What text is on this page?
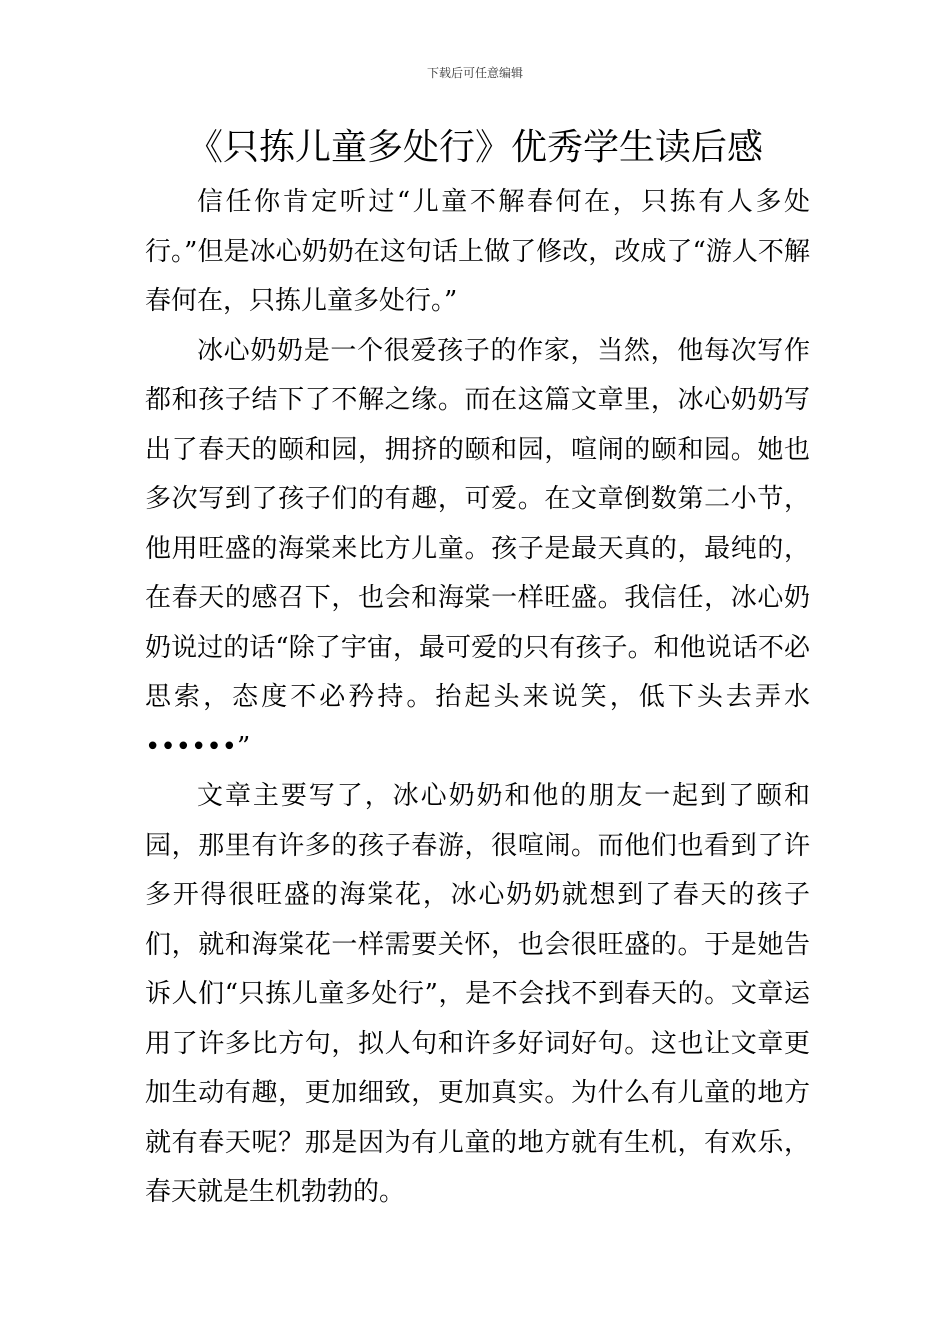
下载后可任意编辑
《只拣儿童多处行》优秀学生读后感

信任你肯定听过“儿童不解春何在，只拣有人多处行。”但是冰心奶奶在这句话上做了修改，改成了“游人不解春何在，只拣儿童多处行。”

冰心奶奶是一个很爱孩子的作家，当然，他每次写作都和孩子结下了不解之缘。而在这篇文章里，冰心奶奶写出了春天的颐和园，拥挤的颐和园，喧闹的颐和园。她也多次写到了孩子们的有趣，可爱。在文章倒数第二小节，他用旺盛的海棠来比方儿童。孩子是最天真的，最纯的，在春天的感召下，也会和海棠一样旺盛。我信任，冰心奶奶说过的话“除了宇宙，最可爱的只有孩子。和他说话不必思索，态度不必矜持。抬起头来说笑，低下头去弄水••••••”

文章主要写了，冰心奶奶和他的朋友一起到了颐和园，那里有许多的孩子春游，很喧闹。而他们也看到了许多开得很旺盛的海棠花，冰心奶奶就想到了春天的孩子们，就和海棠花一样需要关怀，也会很旺盛的。于是她告诉人们“只拣儿童多处行”，是不会找不到春天的。文章运用了许多比方句，拟人句和许多好词好句。这也让文章更加生动有趣，更加细致，更加真实。为什么有儿童的地方就有春天呢？那是因为有儿童的地方就有生机，有欢乐，春天就是生机勃勃的。
